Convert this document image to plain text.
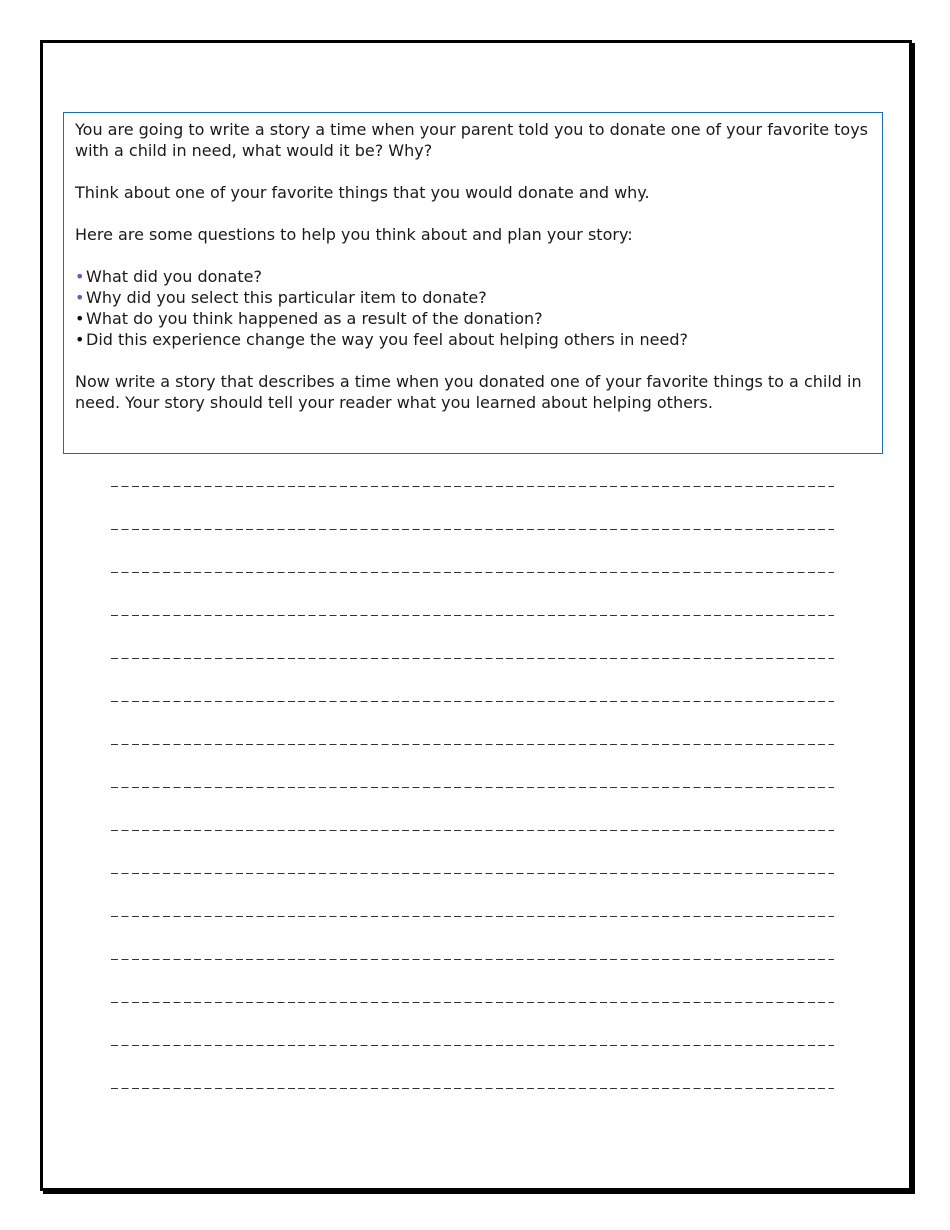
You are going to write a story a time when your parent told you to donate one of your favorite toys with a child in need, what would it be? Why?

Think about one of your favorite things that you would donate and why.

Here are some questions to help you think about and plan your story:

•What did you donate?
•Why did you select this particular item to donate?
•What do you think happened as a result of the donation?
•Did this experience change the way you feel about helping others in need?

Now write a story that describes a time when you donated one of your favorite things to a child in need. Your story should tell your reader what you learned about helping others.
